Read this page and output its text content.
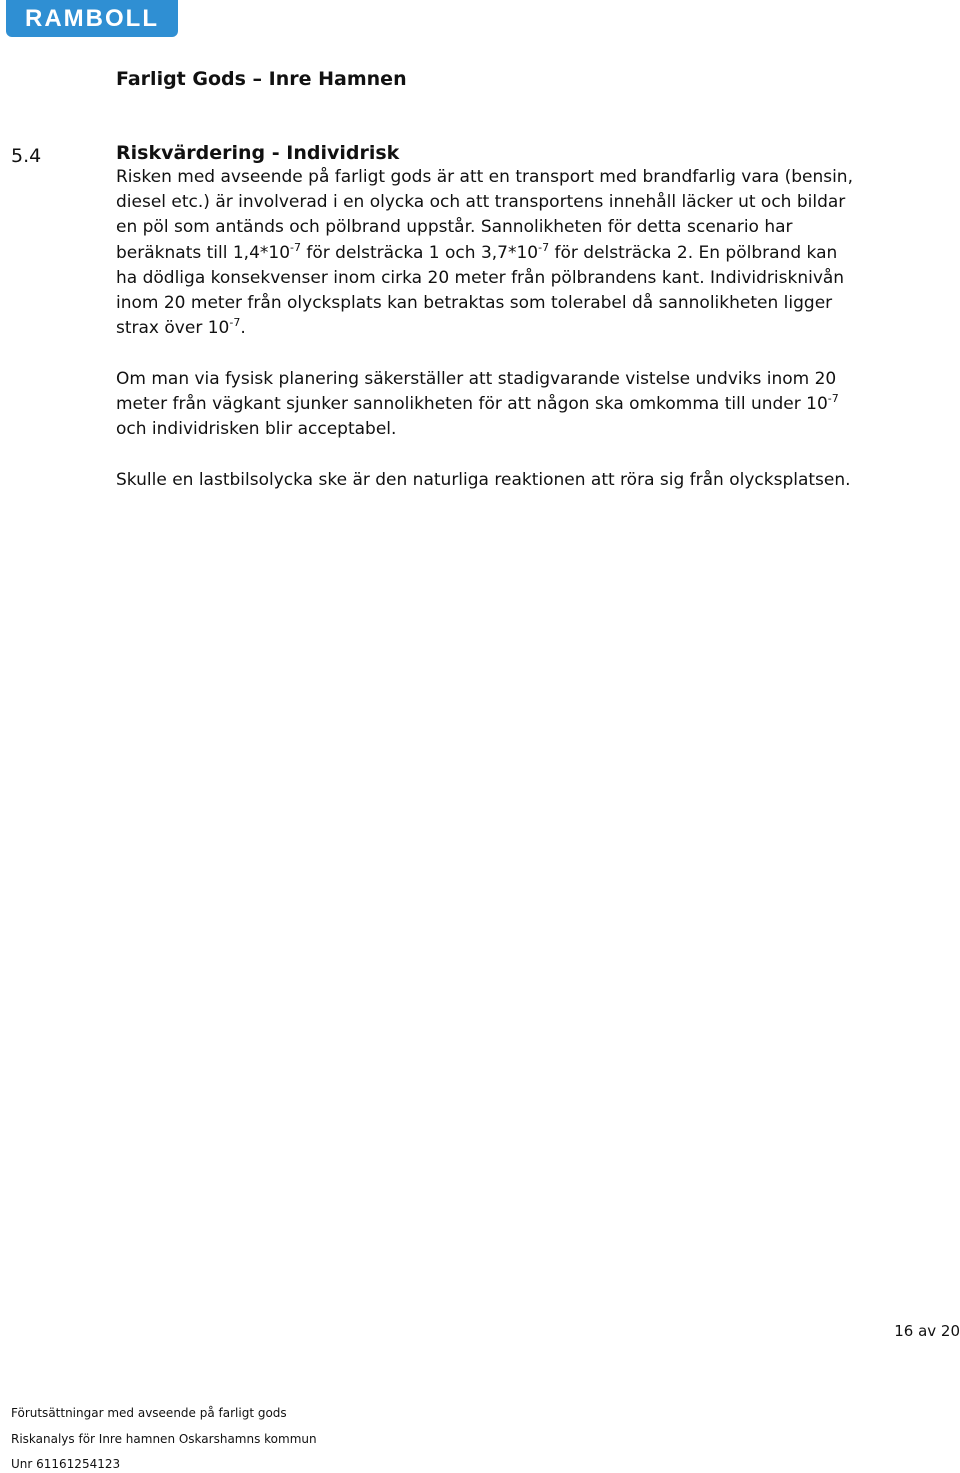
RAMBOLL
Farligt Gods – Inre Hamnen
5.4	Riskvärdering - Individrisk

Risken med avseende på farligt gods är att en transport med brandfarlig vara (bensin, diesel etc.) är involverad i en olycka och att transportens innehåll läcker ut och bildar en pöl som antänds och pölbrand uppstår. Sannolikheten för detta scenario har beräknats till $1,4*10^{-7}$ för delsträcka 1 och $3,7*10^{-7}$ för delsträcka 2. En pölbrand kan ha dödliga konsekvenser inom cirka 20 meter från pölbrandens kant. Individrisknivån inom 20 meter från olycksplats kan betraktas som tolerabel då sannolikheten ligger strax över $10^{-7}$.

Om man via fysisk planering säkerställer att stadigvarande vistelse undviks inom 20 meter från vägkant sjunker sannolikheten för att någon ska omkomma till under $10^{-7}$ och individrisken blir acceptabel.

Skulle en lastbilsolycka ske är den naturliga reaktionen att röra sig från olycksplatsen.

16 av 20
Förutsättningar med avseende på farligt gods
Riskanalys för Inre hamnen Oskarshamns kommun
Unr 61161254123
